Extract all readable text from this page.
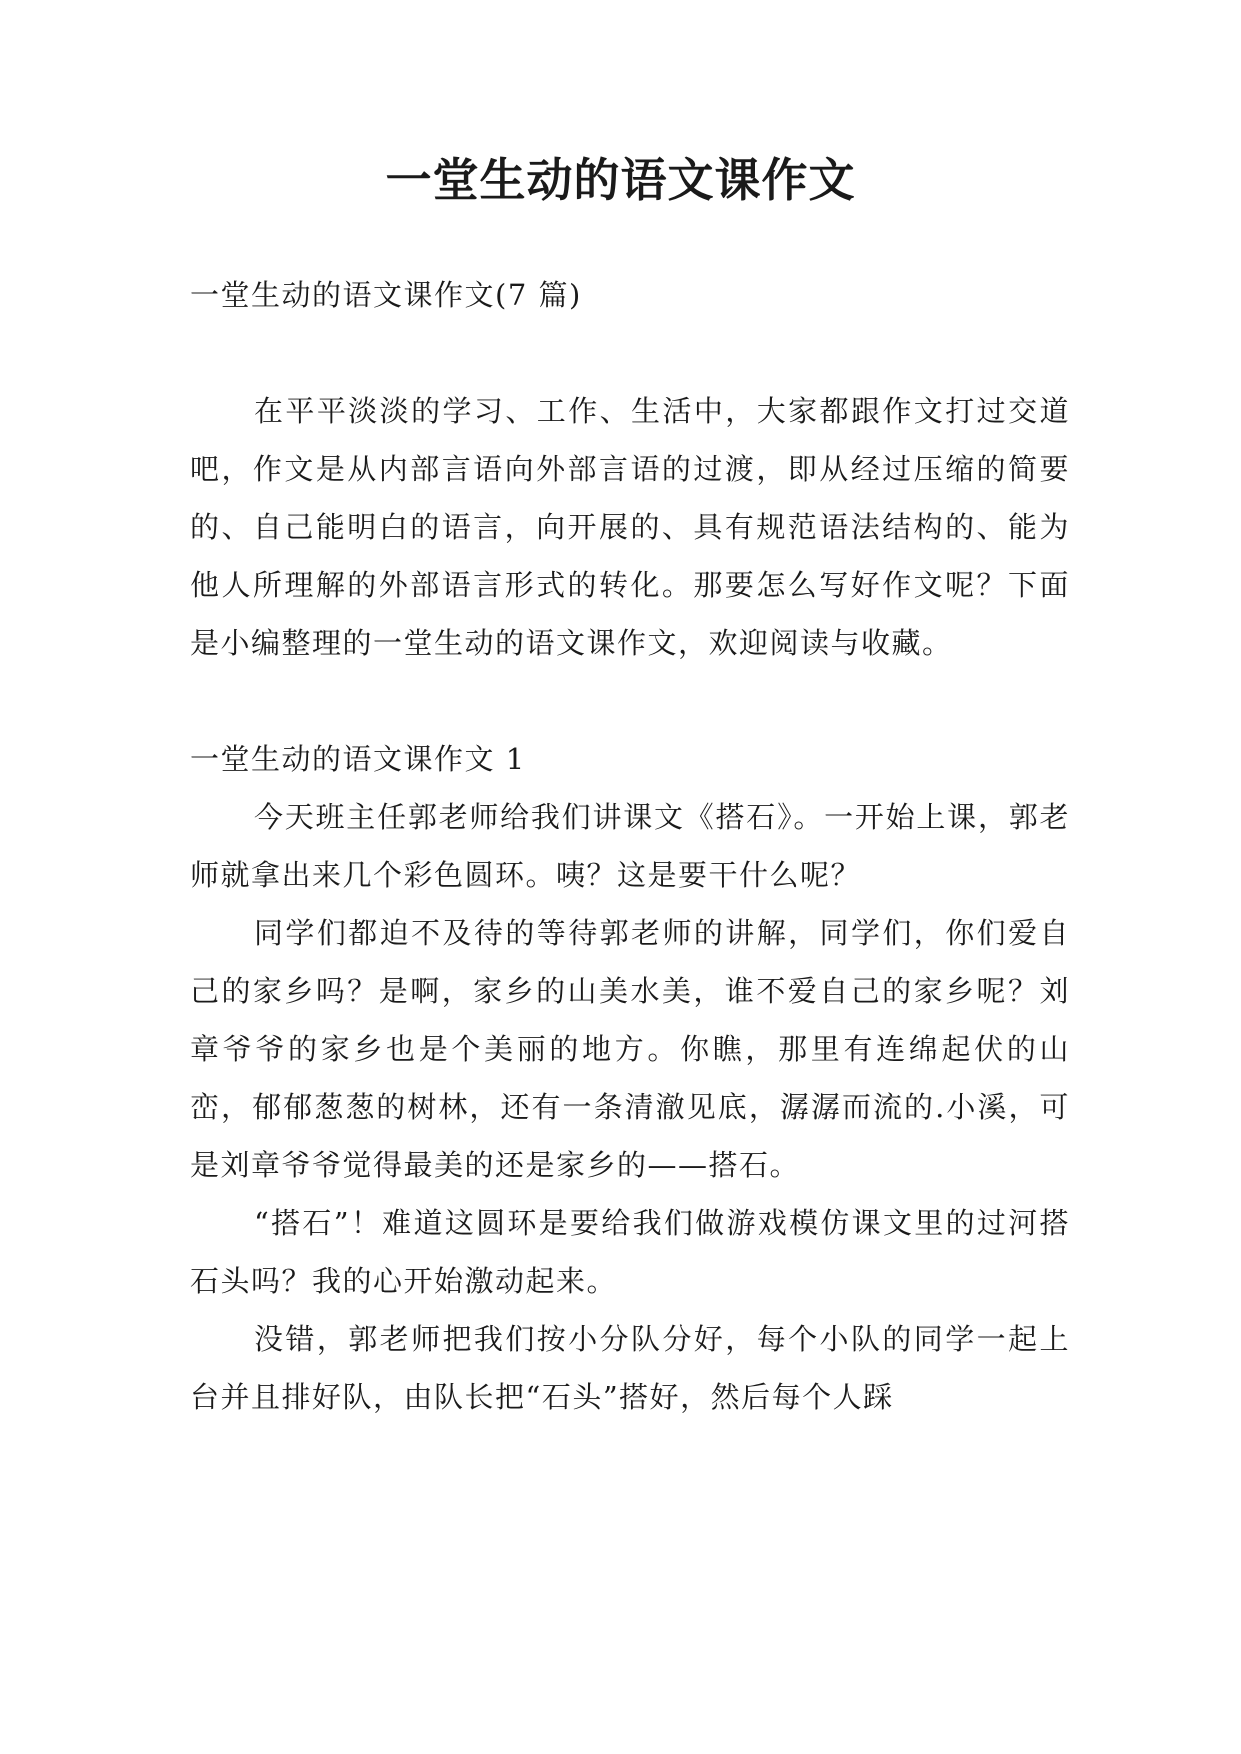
一堂生动的语文课作文

一堂生动的语文课作文(7 篇)

在平平淡淡的学习、工作、生活中，大家都跟作文打过交道吧，作文是从内部言语向外部言语的过渡，即从经过压缩的简要的、自己能明白的语言，向开展的、具有规范语法结构的、能为他人所理解的外部语言形式的转化。那要怎么写好作文呢？下面是小编整理的一堂生动的语文课作文，欢迎阅读与收藏。

一堂生动的语文课作文 1

今天班主任郭老师给我们讲课文《搭石》。一开始上课，郭老师就拿出来几个彩色圆环。咦？这是要干什么呢？

同学们都迫不及待的等待郭老师的讲解，同学们，你们爱自己的家乡吗？是啊，家乡的山美水美，谁不爱自己的家乡呢？刘章爷爷的家乡也是个美丽的地方。你瞧，那里有连绵起伏的山峦，郁郁葱葱的树林，还有一条清澈见底，潺潺而流的.小溪，可是刘章爷爷觉得最美的还是家乡的——搭石。

“搭石”！难道这圆环是要给我们做游戏模仿课文里的过河搭石头吗？我的心开始激动起来。

没错，郭老师把我们按小分队分好，每个小队的同学一起上台并且排好队，由队长把“石头”搭好，然后每个人踩
